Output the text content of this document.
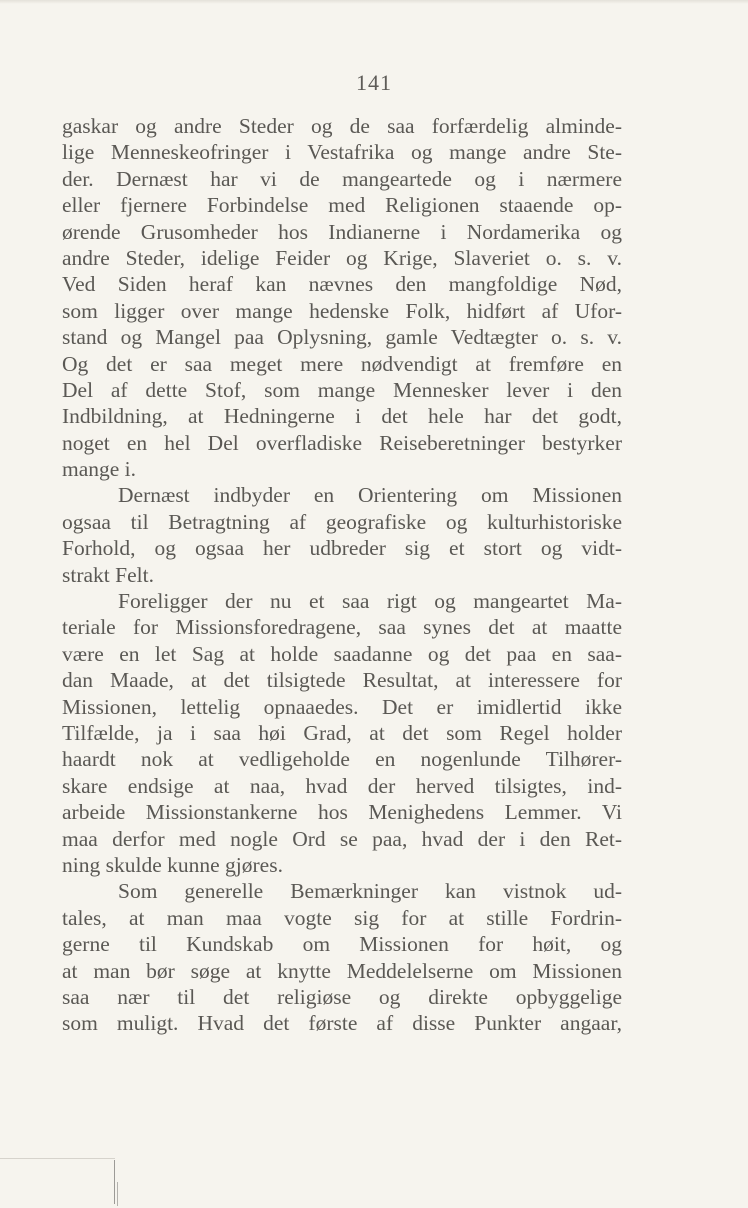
141
gaskar og andre Steder og de saa forfærdelig alminde-
lige Menneskeofringer i Vestafrika og mange andre Ste-
der. Dernæst har vi de mangeartede og i nærmere
eller fjernere Forbindelse med Religionen staaende op-
ørende Grusomheder hos Indianerne i Nordamerika og
andre Steder, idelige Feider og Krige, Slaveriet o. s. v.
Ved Siden heraf kan nævnes den mangfoldige Nød,
som ligger over mange hedenske Folk, hidført af Ufor-
stand og Mangel paa Oplysning, gamle Vedtægter o. s. v.
Og det er saa meget mere nødvendigt at fremføre en
Del af dette Stof, som mange Mennesker lever i den
Indbildning, at Hedningerne i det hele har det godt,
noget en hel Del overfladiske Reiseberetninger bestyrker
mange i.
Dernæst indbyder en Orientering om Missionen
ogsaa til Betragtning af geografiske og kulturhistoriske
Forhold, og ogsaa her udbreder sig et stort og vidt-
strakt Felt.
Foreligger der nu et saa rigt og mangeartet Ma-
teriale for Missionsforedragene, saa synes det at maatte
være en let Sag at holde saadanne og det paa en saa-
dan Maade, at det tilsigtede Resultat, at interessere for
Missionen, lettelig opnaaedes. Det er imidlertid ikke
Tilfælde, ja i saa høi Grad, at det som Regel holder
haardt nok at vedligeholde en nogenlunde Tilhører-
skare endsige at naa, hvad der herved tilsigtes, ind-
arbeide Missionstankerne hos Menighedens Lemmer. Vi
maa derfor med nogle Ord se paa, hvad der i den Ret-
ning skulde kunne gjøres.
Som generelle Bemærkninger kan vistnok ud-
tales, at man maa vogte sig for at stille Fordrin-
gerne til Kundskab om Missionen for høit, og
at man bør søge at knytte Meddelelserne om Missionen
saa nær til det religiøse og direkte opbyggelige
som muligt. Hvad det første af disse Punkter angaar,
